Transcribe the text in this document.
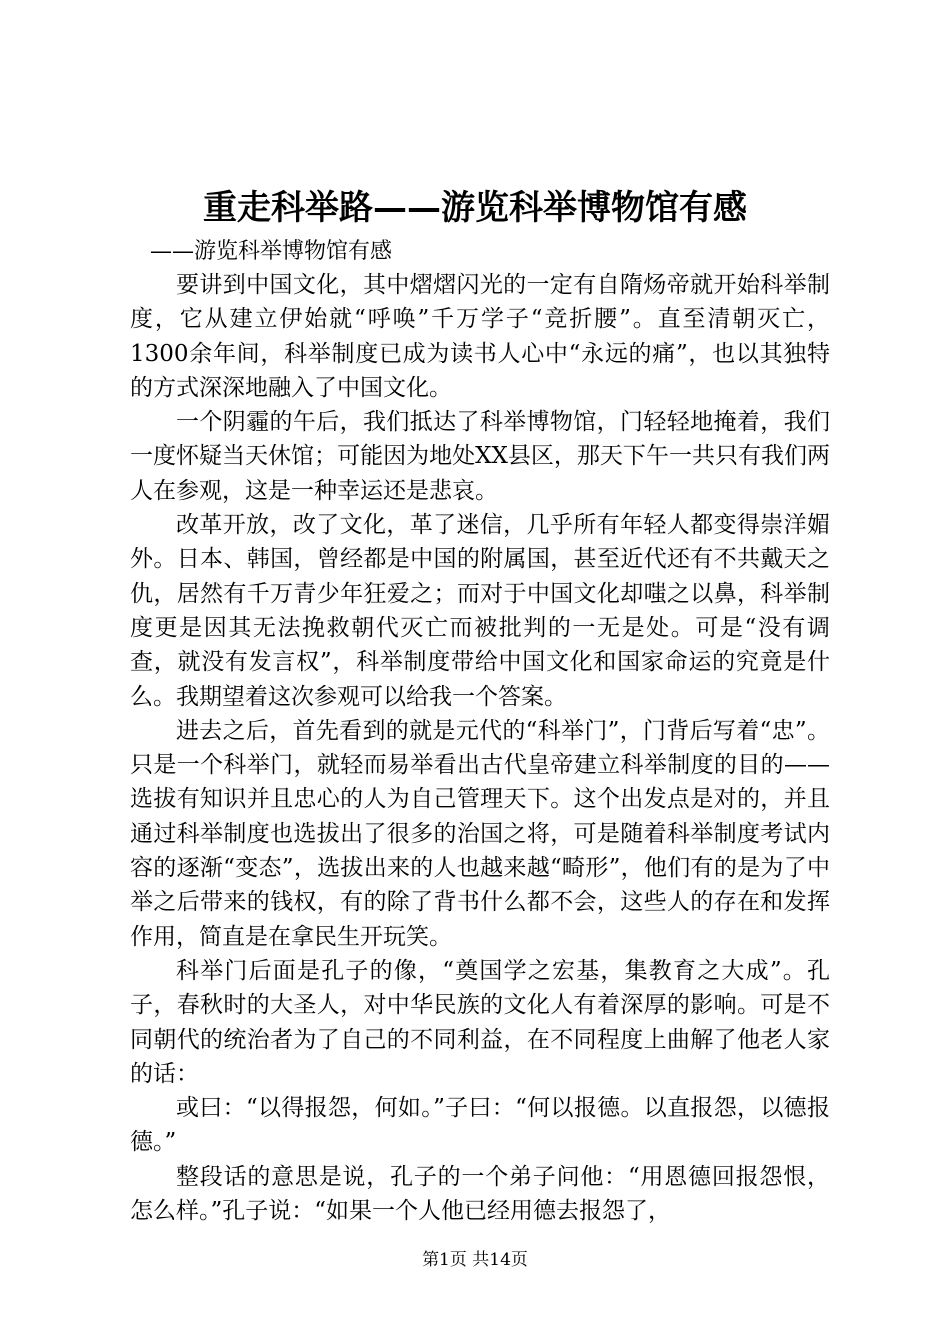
重走科举路——游览科举博物馆有感
——游览科举博物馆有感

要讲到中国文化，其中熠熠闪光的一定有自隋炀帝就开始科举制度，它从建立伊始就“呼唤”千万学子“竞折腰”。直至清朝灭亡，1300余年间，科举制度已成为读书人心中“永远的痛”，也以其独特的方式深深地融入了中国文化。

一个阴霾的午后，我们抵达了科举博物馆，门轻轻地掩着，我们一度怀疑当天休馆；可能因为地处XX县区，那天下午一共只有我们两人在参观，这是一种幸运还是悲哀。

改革开放，改了文化，革了迷信，几乎所有年轻人都变得崇洋媚外。日本、韩国，曾经都是中国的附属国，甚至近代还有不共戴天之仇，居然有千万青少年狂爱之；而对于中国文化却嗤之以鼻，科举制度更是因其无法挽救朝代灭亡而被批判的一无是处。可是“没有调查，就没有发言权”，科举制度带给中国文化和国家命运的究竟是什么。我期望着这次参观可以给我一个答案。

进去之后，首先看到的就是元代的“科举门”，门背后写着“忠”。只是一个科举门，就轻而易举看出古代皇帝建立科举制度的目的——选拔有知识并且忠心的人为自己管理天下。这个出发点是对的，并且通过科举制度也选拔出了很多的治国之将，可是随着科举制度考试内容的逐渐“变态”，选拔出来的人也越来越“畸形”，他们有的是为了中举之后带来的钱权，有的除了背书什么都不会，这些人的存在和发挥作用，简直是在拿民生开玩笑。

科举门后面是孔子的像，“奠国学之宏基，集教育之大成”。孔子，春秋时的大圣人，对中华民族的文化人有着深厚的影响。可是不同朝代的统治者为了自己的不同利益，在不同程度上曲解了他老人家的话：

或曰：“以得报怨，何如。”子曰：“何以报德。以直报怨，以德报德。”

整段话的意思是说，孔子的一个弟子问他：“用恩德回报怨恨，怎么样。”孔子说：“如果一个人他已经用德去报怨了，

第1页 共14页
